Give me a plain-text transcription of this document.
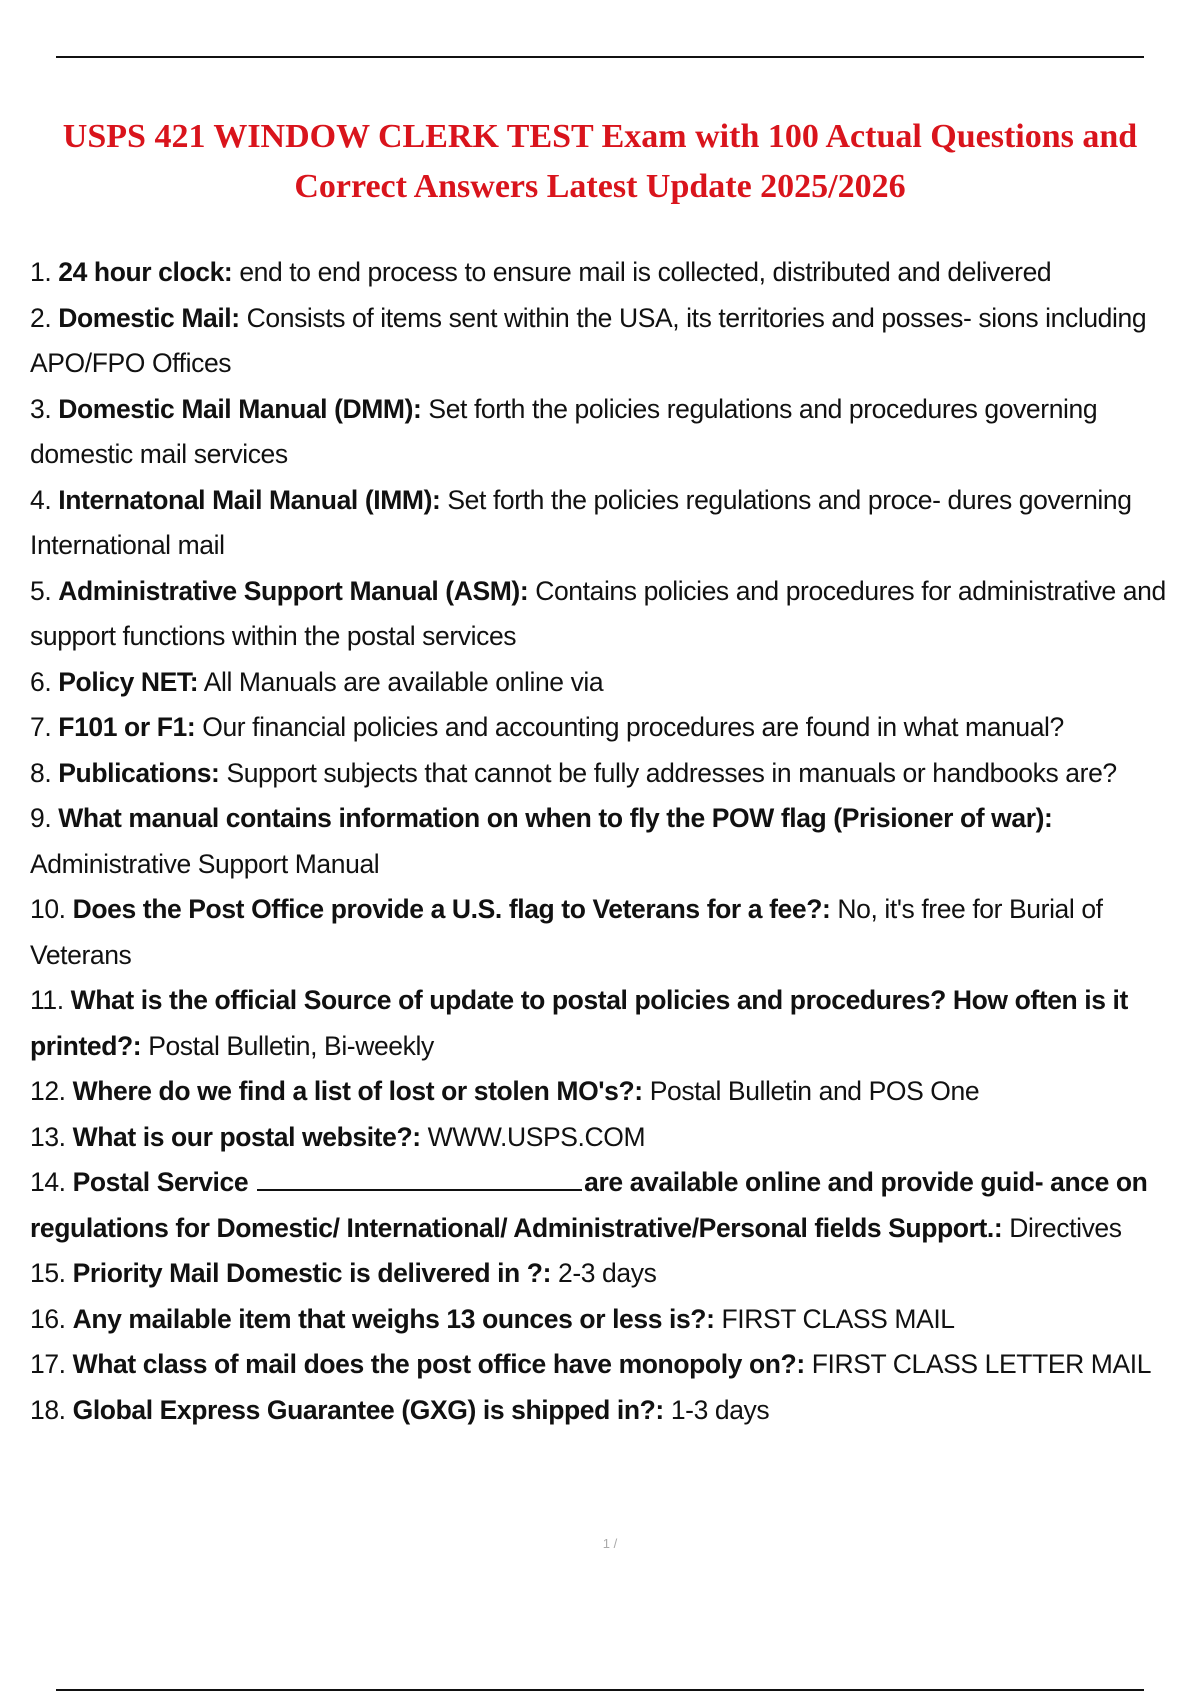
USPS 421 WINDOW CLERK TEST Exam with 100 Actual Questions and
Correct Answers Latest Update 2025/2026
1. 24 hour clock: end to end process to ensure mail is collected, distributed and delivered
2. Domestic Mail: Consists of items sent within the USA, its territories and posses- sions including APO/FPO Offices
3. Domestic Mail Manual (DMM): Set forth the policies regulations and procedures governing domestic mail services
4. Internatonal Mail Manual (IMM): Set forth the policies regulations and proce- dures governing International mail
5. Administrative Support Manual (ASM): Contains policies and procedures for administrative and support functions within the postal services
6. Policy NET: All Manuals are available online via
7. F101 or F1: Our financial policies and accounting procedures are found in what manual?
8. Publications: Support subjects that cannot be fully addresses in manuals or handbooks are?
9. What manual contains information on when to fly the POW flag (Prisioner of war): Administrative Support Manual
10. Does the Post Office provide a U.S. flag to Veterans for a fee?: No, it's free for Burial of Veterans
11. What is the official Source of update to postal policies and procedures? How often is it printed?: Postal Bulletin, Bi-weekly
12. Where do we find a list of lost or stolen MO's?: Postal Bulletin and POS One
13. What is our postal website?: WWW.USPS.COM
14. Postal Service	are available online and provide guid- ance on regulations for Domestic/ International/ Administrative/Personal fields Support.: Directives
15. Priority Mail Domestic is delivered in ?: 2-3 days
16. Any mailable item that weighs 13 ounces or less is?: FIRST CLASS MAIL
17. What class of mail does the post office have monopoly on?: FIRST CLASS LETTER MAIL
18. Global Express Guarantee (GXG) is shipped in?: 1-3 days
1 /
